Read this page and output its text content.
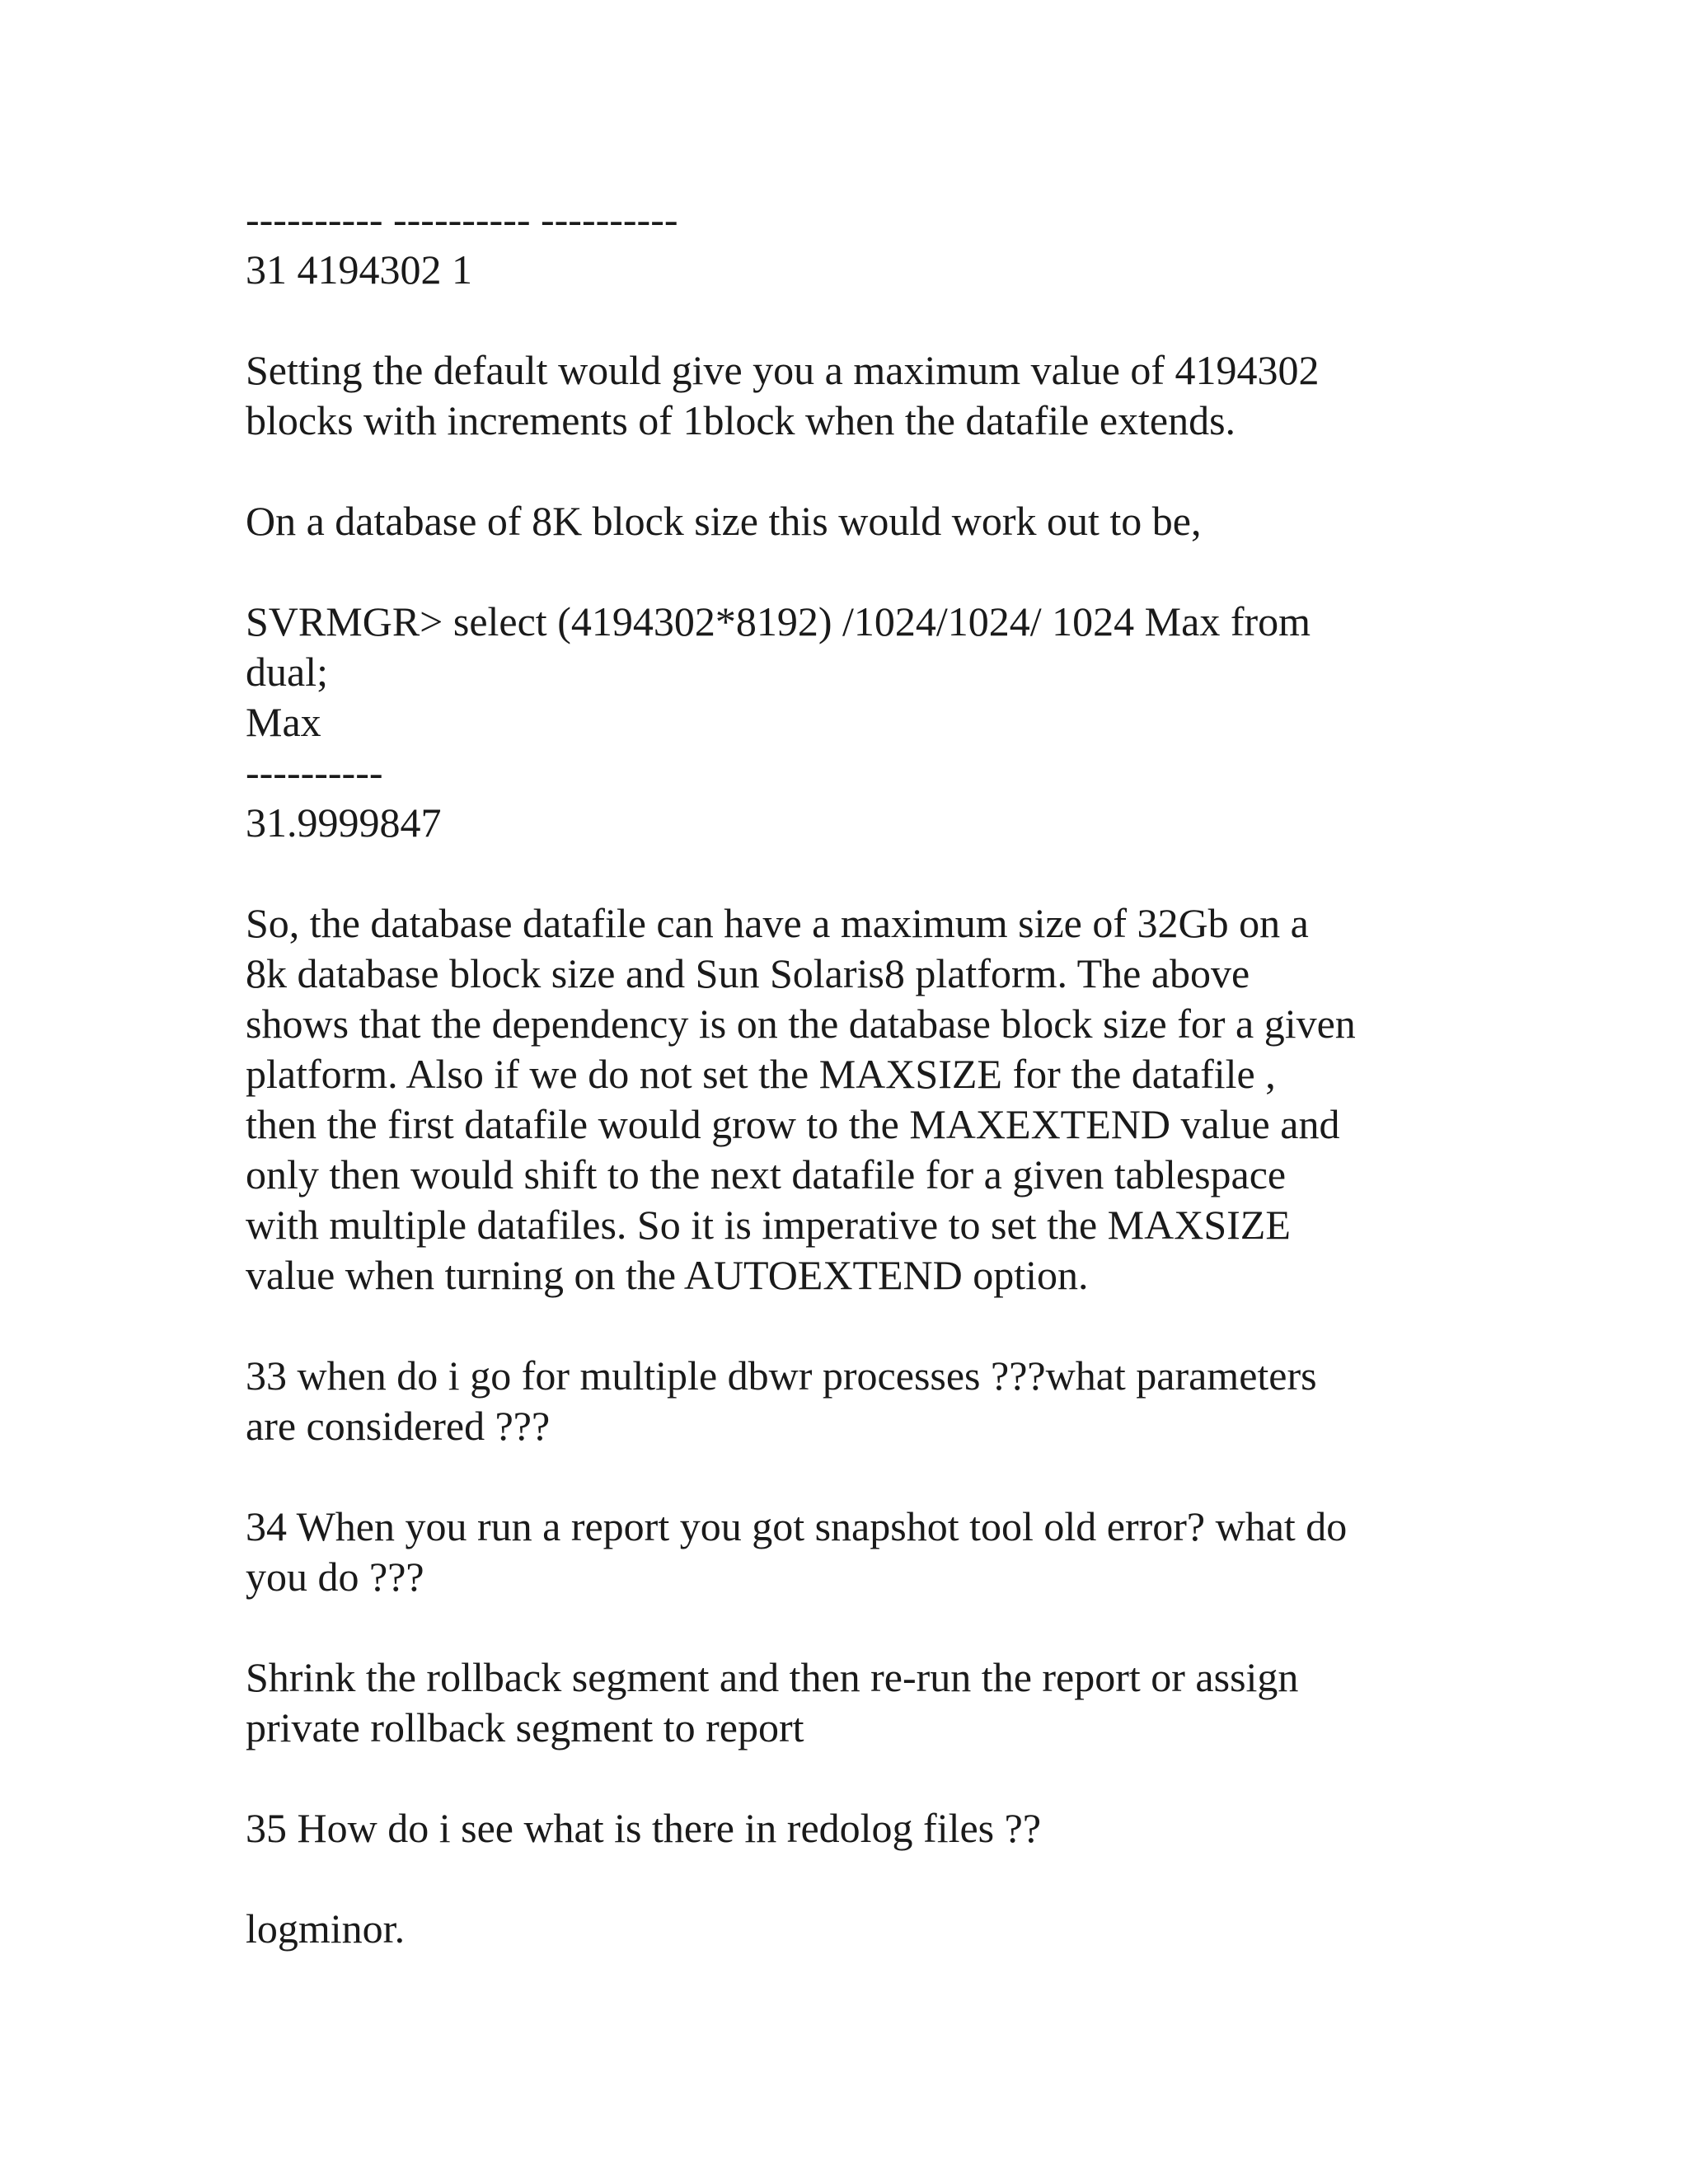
---------- ---------- ----------
31 4194302 1
Setting the default would give you a maximum value of 4194302
blocks with increments of 1block when the datafile extends.
On a database of 8K block size this would work out to be,
SVRMGR> select (4194302*8192) /1024/1024/ 1024 Max from
dual;
Max
----------
31.9999847
So, the database datafile can have a maximum size of 32Gb on a
8k database block size and Sun Solaris8 platform. The above
shows that the dependency is on the database block size for a given
platform. Also if we do not set the MAXSIZE for the datafile ,
then the first datafile would grow to the MAXEXTEND value and
only then would shift to the next datafile for a given tablespace
with multiple datafiles. So it is imperative to set the MAXSIZE
value when turning on the AUTOEXTEND option.
33 when do i go for multiple dbwr processes ???what parameters
are considered ???
34 When you run a report you got snapshot tool old error? what do
you do ???
Shrink the rollback segment and then re-run the report or assign
private rollback segment to report
35 How do i see what is there in redolog files ??
logminor.
